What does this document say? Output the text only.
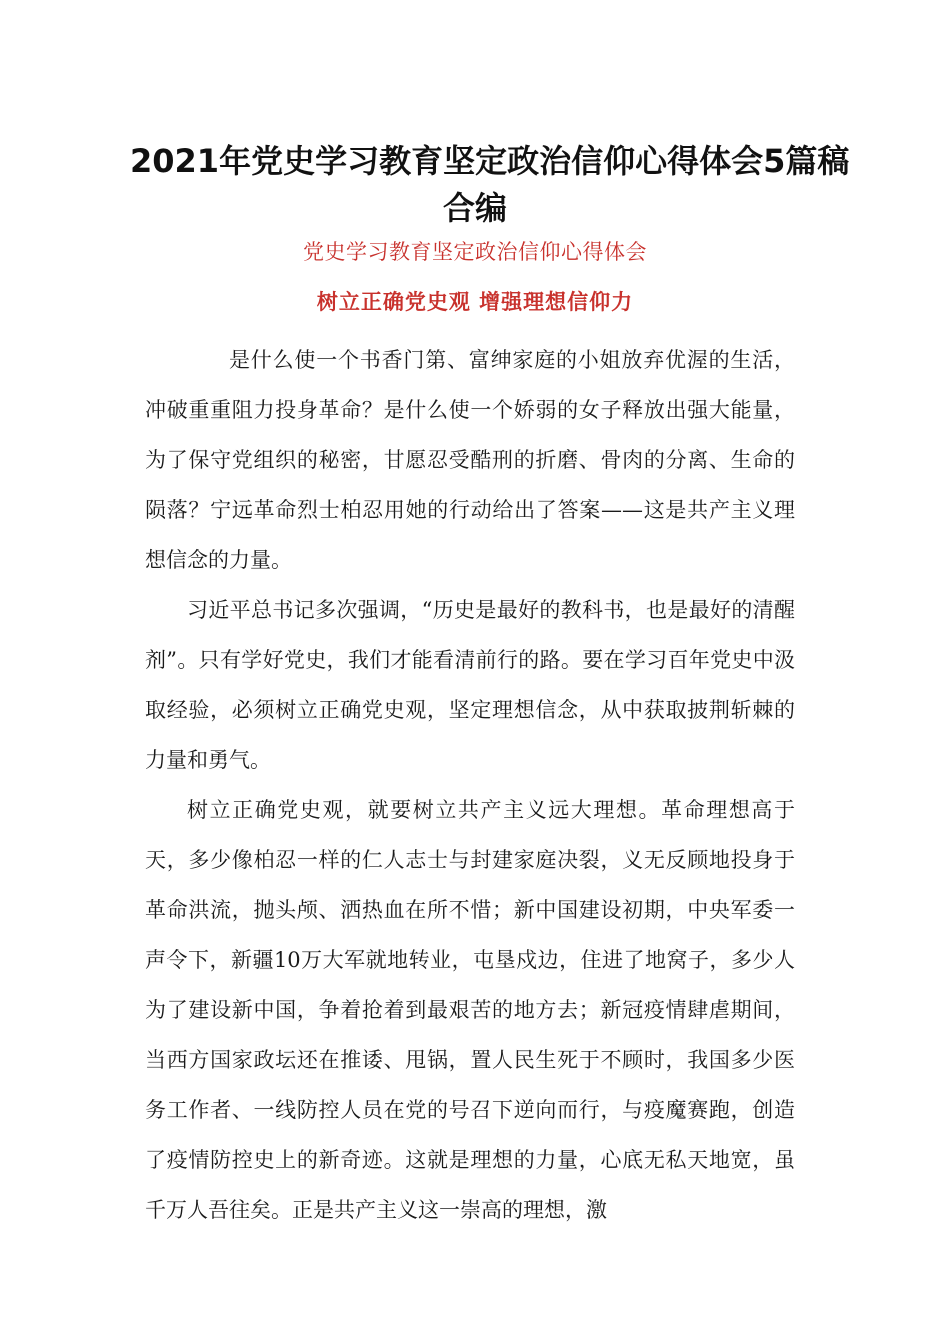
2021年党史学习教育坚定政治信仰心得体会5篇稿
合编
党史学习教育坚定政治信仰心得体会
树立正确党史观 增强理想信仰力

是什么使一个书香门第、富绅家庭的小姐放弃优渥的生活，冲破重重阻力投身革命？是什么使一个娇弱的女子释放出强大能量，为了保守党组织的秘密，甘愿忍受酷刑的折磨、骨肉的分离、生命的陨落？宁远革命烈士柏忍用她的行动给出了答案——这是共产主义理想信念的力量。

习近平总书记多次强调，“历史是最好的教科书，也是最好的清醒剂”。只有学好党史，我们才能看清前行的路。要在学习百年党史中汲取经验，必须树立正确党史观，坚定理想信念，从中获取披荆斩棘的力量和勇气。

树立正确党史观，就要树立共产主义远大理想。革命理想高于天，多少像柏忍一样的仁人志士与封建家庭决裂，义无反顾地投身于革命洪流，抛头颅、洒热血在所不惜；新中国建设初期，中央军委一声令下，新疆10万大军就地转业，屯垦戍边，住进了地窝子，多少人为了建设新中国，争着抢着到最艰苦的地方去；新冠疫情肆虐期间，当西方国家政坛还在推诿、甩锅，置人民生死于不顾时，我国多少医务工作者、一线防控人员在党的号召下逆向而行，与疫魔赛跑，创造了疫情防控史上的新奇迹。这就是理想的力量，心底无私天地宽，虽千万人吾往矣。正是共产主义这一崇高的理想，激
